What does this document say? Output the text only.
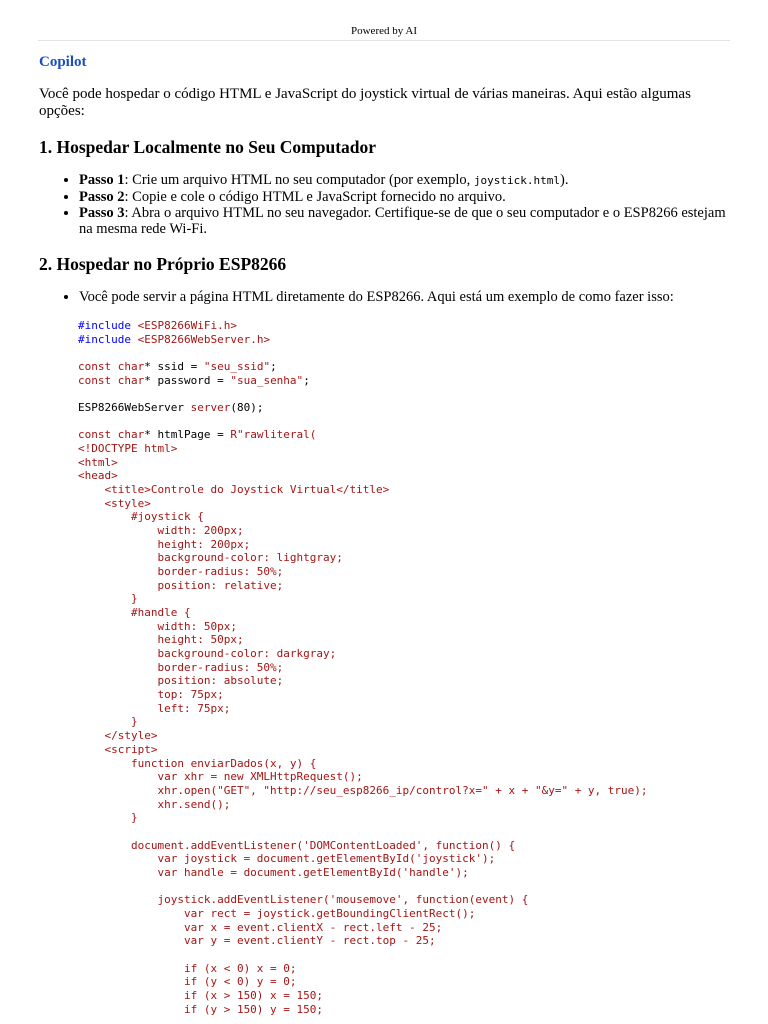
Powered by AI

Copilot

Você pode hospedar o código HTML e JavaScript do joystick virtual de várias maneiras. Aqui estão algumas opções:

1. Hospedar Localmente no Seu Computador
• Passo 1: Crie um arquivo HTML no seu computador (por exemplo, joystick.html).
• Passo 2: Copie e cole o código HTML e JavaScript fornecido no arquivo.
• Passo 3: Abra o arquivo HTML no seu navegador. Certifique-se de que o seu computador e o ESP8266 estejam na mesma rede Wi-Fi.
2. Hospedar no Próprio ESP8266
• Você pode servir a página HTML diretamente do ESP8266. Aqui está um exemplo de como fazer isso:
#include <ESP8266WiFi.h>
#include <ESP8266WebServer.h>

const char* ssid = "seu_ssid";
const char* password = "sua_senha";

ESP8266WebServer server(80);

const char* htmlPage = R"rawliteral(
<!DOCTYPE html>
<html>
<head>
<title>Controle do Joystick Virtual</title>
<style>
#joystick {
width: 200px;
height: 200px;
background-color: lightgray;
border-radius: 50%;
position: relative;
}
#handle {
width: 50px;
height: 50px;
background-color: darkgray;
border-radius: 50%;
position: absolute;
top: 75px;
left: 75px;
}
</style>
<script>
function enviarDados(x, y) {
var xhr = new XMLHttpRequest();
xhr.open("GET", "http://seu_esp8266_ip/control?x=" + x + "&y=" + y, true);
xhr.send();
}

document.addEventListener('DOMContentLoaded', function() {
var joystick = document.getElementById('joystick');
var handle = document.getElementById('handle');

joystick.addEventListener('mousemove', function(event) {
var rect = joystick.getBoundingClientRect();
var x = event.clientX - rect.left - 25;
var y = event.clientY - rect.top - 25;

if (x < 0) x = 0;
if (y < 0) y = 0;
if (x > 150) x = 150;
if (y > 150) y = 150;
